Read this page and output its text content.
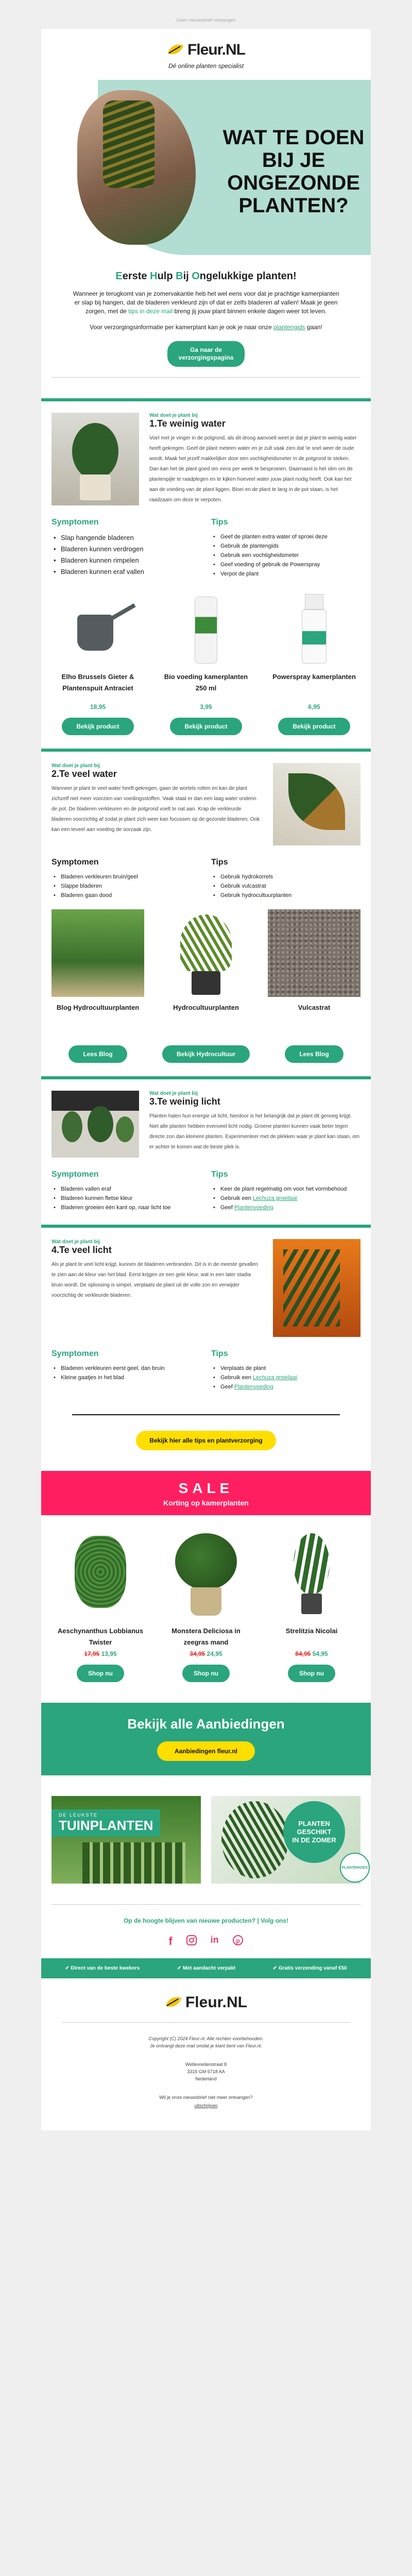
Geen nieuwsbrief ontvangen
Fleur.NL
Dé online planten specialist
WAT TE DOEN BIJ JE ONGEZONDE PLANTEN?
Eerste Hulp Bij Ongelukkige planten!

Wanneer je terugkomt van je zomervakantie heb het wel eens voor dat je prachtige kamerplanten er slap bij hangen, dat de bladeren verkleurd zijn of dat er zelfs bladeren af vallen! Maak je geen zorgen, met de tips in deze mail breng jij jouw plant binnen enkele dagen weer tot leven.

Voor verzorgingsinformatie per kamerplant kan je ook je naar onze plantengids gaan!

Ga naar de verzorgingspagina
Wat doet je plant bij
1.Te weinig water

Voel met je vinger in de potgrond, als dit droog aanvoelt weet je dat je plant te weinig water heeft gekregen. Geef de plant meteen water en je zult vaak zien dat 'ie snel weer de oude wordt. Maak het jezelf makkelijker door een vochtigheidsmeter in de potgrond te steken. Dan kan het de plant goed om eens per week te besproeien. Daarnaast is het slim om de plantenpijle te raadplegen en te kijken hoeveel water jouw plant nodig heeft. Ook kan het aan de voeding van de plant liggen. Bloei en de plant te lang in de pot staan, is het raadzaam om deze te verpoten.

Symptomen
• Slap hangende bladeren
• Bladeren kunnen verdrogen
• Bladeren kunnen rimpelen
• Bladeren kunnen eraf vallen
Tips
• Geef de planten extra water of sproei deze
• Gebruik de plantengids
• Gebruik een vochtigheidsmeter
• Geef voeding of gebruik de Powerspray
• Verpot de plant
Elho Brussels Gieter & Plantenspuit Antraciet
18,95
Bekijk product
Bio voeding kamerplanten 250 ml
3,95
Bekijk product
Powerspray kamerplanten
6,95
Bekijk product
Wat doet je plant bij
2.Te veel water

Wanneer je plant te veel water heeft gekregen, gaan de wortels rotten en kan de plant zichzelf niet meer voorzien van voedingsstoffen. Vaak staat er dan een laag water onderin de pot. De bladeren verkleuren en de potgrond voelt te nat aan. Krap de verkleurde bladeren voorzichtig af zodat je plant zich weer kan focussen op de gezonde bladeren. Ook kan een teveel aan voeding de oorzaak zijn.

Symptomen
• Bladeren verkleuren bruin/geel
• Slappe bladeren
• Bladeren gaan dood
Tips
• Gebruik hydrokorrels
• Gebruik vulcastrat
• Gebruik hydrocultuurplanten
Blog Hydrocultuurplanten
Lees Blog
Hydrocultuurplanten
Bekijk Hydrocultuur
Vulcastrat
Lees Blog
Wat doet je plant bij
3.Te weinig licht

Planten halen hun energie uit licht, hierdoor is het belangrijk dat je plant dit genoeg krijgt. Niet alle planten hebben evenveel licht nodig. Groene planten kunnen vaak beter tegen directe zon dan kleinere planten. Experimenteer met de plekken waar je plant kan staan, om er achter te komen wat de beste plek is.

Symptomen
• Bladeren vallen eraf
• Bladeren kunnen fletse kleur
• Bladeren groeien één kant op, naar licht toe
Tips
• Keer de plant regelmatig om voor het vormbehoud
• Gebruik een Lechuza groeilaai
• Geef Plantenvoeding
Wat doet je plant bij
4.Te veel licht

Als je plant te veel licht krijgt, kunnen de bladeren verbranden. Dit is in de meeste gevallen te zien aan de kleur van het blad. Eerst krijgen ze een gele kleur, wat in een later stadia bruin wordt. De oplossing is simpel, verplaats de plant uit de volle zon en verwijder voorzichtig de verkleurde bladeren.

Symptomen
• Bladeren verkleuren eerst geel, dan bruin
• Kleine gaatjes in het blad
Tips
• Verplaats de plant
• Gebruik een Lechuza groeilaai
• Geef Plantenvoeding
Bekijk hier alle tips en plantverzorging
SALE
Korting op kamerplanten
Aeschynanthus Lobbianus Twister
17,95 13,95
Shop nu
Monstera Deliciosa in zeegras mand
34,95 24,95
Shop nu
Strelitzia Nicolai
84,95 54,95
Shop nu
Bekijk alle Aanbiedingen
Aanbiedingen fleur.nl
DE LEUKSTE
TUINPLANTEN	PLANTEN
GESCHIKT
IN DE ZOMER
PLANTENGIDS
Op de hoogte blijven van nieuwe producten? | Volg ons!
f	in	p
✔ Direct van de beste kwekers	✔ Met aandacht verpakt	✔ Gratis verzending vanaf €50
Fleur.NL
Copyright (C) 2024 Fleur.nl. Alle rechten voorbehouden.
Je ontvangt deze mail omdat je klant bent van Fleur.nl.
Weltevredenstraat 8
3316 GM 6718 AA
Nederland
Wil je onze nieuwsbrief niet meer ontvangen?
uitschrijven
